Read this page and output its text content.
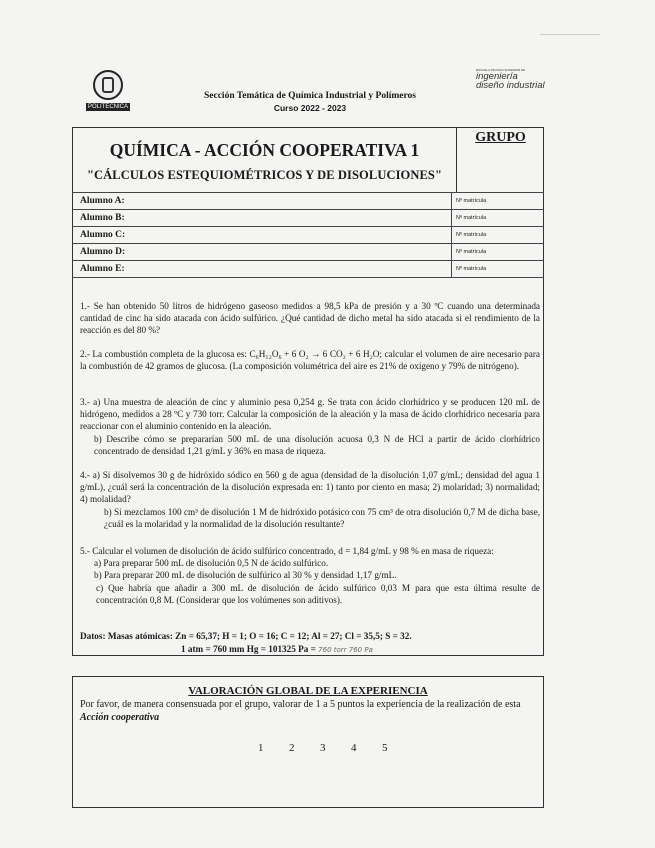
POLITÉCNICA
Sección Temática de Química Industrial y Polímeros
Curso 2022 - 2023
ESCUELA TÉCNICA SUPERIOR DE
ingeniería diseño industrial
QUÍMICA - ACCIÓN COOPERATIVA 1
"CÁLCULOS ESTEQUIOMÉTRICOS Y DE DISOLUCIONES"
GRUPO
Alumno A:	Nº matrícula
Alumno B:	Nº matrícula
Alumno C:	Nº matrícula
Alumno D:	Nº matrícula
Alumno E:	Nº matrícula

1.- Se han obtenido 50 litros de hidrógeno gaseoso medidos a 98,5 kPa de presión y a 30 ºC cuando una determinada cantidad de cinc ha sido atacada con ácido sulfúrico. ¿Qué cantidad de dicho metal ha sido atacada si el rendimiento de la reacción es del 80 %?

2.- La combustión completa de la glucosa es: C₆H₁₂O₆ + 6 O₂ → 6 CO₂ + 6 H₂O; calcular el volumen de aire necesario para la combustión de 42 gramos de glucosa. (La composición volumétrica del aire es 21% de oxígeno y 79% de nitrógeno).

3.- a) Una muestra de aleación de cinc y aluminio pesa 0,254 g. Se trata con ácido clorhídrico y se producen 120 mL de hidrógeno, medidos a 28 ºC y 730 torr. Calcular la composición de la aleación y la masa de ácido clorhídrico necesaria para reaccionar con el aluminio contenido en la aleación.

b) Describe cómo se prepararían 500 mL de una disolución acuosa 0,3 N de HCl a partir de ácido clorhídrico concentrado de densidad 1,21 g/mL y 36% en masa de riqueza.

4.- a) Si disolvemos 30 g de hidróxido sódico en 560 g de agua (densidad de la disolución 1,07 g/mL; densidad del agua 1 g/mL), ¿cuál será la concentración de la disolución expresada en: 1) tanto por ciento en masa; 2) molaridad; 3) normalidad; 4) molalidad?

b) Si mezclamos 100 cm³ de disolución 1 M de hidróxido potásico con 75 cm³ de otra disolución 0,7 M de dicha base, ¿cuál es la molaridad y la normalidad de la disolución resultante?

5.- Calcular el volumen de disolución de ácido sulfúrico concentrado, d = 1,84 g/mL y 98 % en masa de riqueza:

a) Para preparar 500 mL de disolución 0,5 N de ácido sulfúrico.

b) Para preparar 200 mL de disolución de sulfúrico al 30 % y densidad 1,17 g/mL.

c) Que habría que añadir a 300 mL de disolución de ácido sulfúrico 0,03 M para que esta última resulte de concentración 0,8 M. (Considerar que los volúmenes son aditivos).

Datos: Masas atómicas: Zn = 65,37; H = 1; O = 16; C = 12; Al = 27; Cl = 35,5; S = 32.
1 atm = 760 mm Hg = 101325 Pa = 760 torr 760 Pa
VALORACIÓN GLOBAL DE LA EXPERIENCIA
Por favor, de manera consensuada por el grupo, valorar de 1 a 5 puntos la experiencia de la realización de esta Acción cooperativa
1 2 3 4 5
